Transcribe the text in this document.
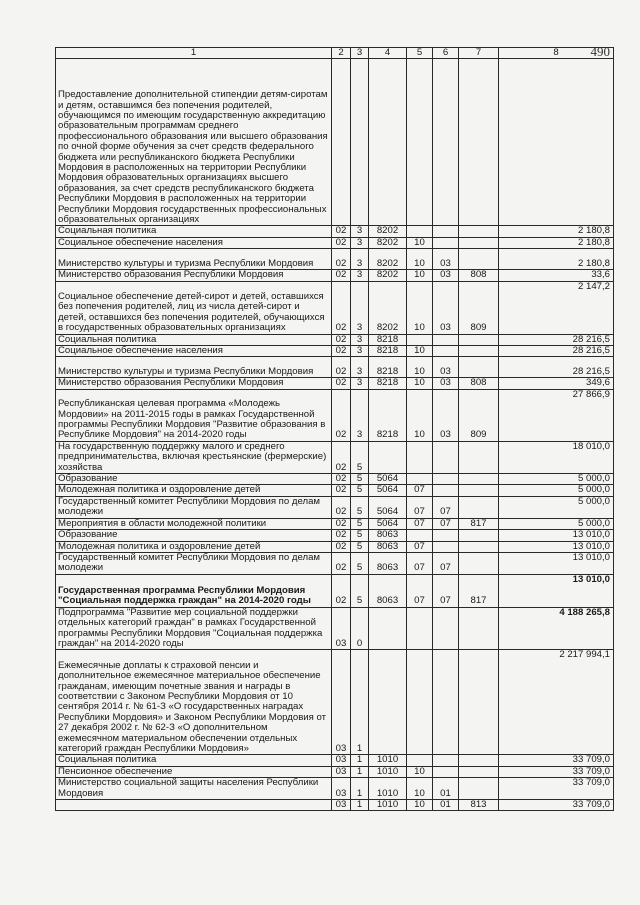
490
1	2	3	4	5	6	7	8
Предоставление дополнительной стипендии детям-сиротам и детям, оставшимся без попечения родителей, обучающимся по имеющим государственную аккредитацию образовательным программам среднего профессионального образования или высшего образования по очной форме обучения за счет средств федерального бюджета или республиканского бюджета Республики Мордовия в расположенных на территории Республики Мордовия образовательных организациях высшего образования, за счет средств республиканского бюджета Республики Мордовия в расположенных на территории Республики Мордовия государственных профессиональных образовательных организациях							
Социальная политика	02	3	8202				2 180,8
Социальное обеспечение населения	02	3	8202	10			2 180,8
Министерство культуры и туризма Республики Мордовия	02	3	8202	10	03		2 180,8
Министерство образования Республики Мордовия	02	3	8202	10	03	808	33,6
Социальное обеспечение детей-сирот и детей, оставшихся без попечения родителей, лиц из числа детей-сирот и детей, оставшихся без попечения родителей, обучающихся в государственных образовательных организациях	02	3	8202	10	03	809	2 147,2
Социальная политика	02	3	8218				28 216,5
Социальное обеспечение населения	02	3	8218	10			28 216,5
Министерство культуры и туризма Республики Мордовия	02	3	8218	10	03		28 216,5
Министерство образования Республики Мордовия	02	3	8218	10	03	808	349,6
Республиканская целевая программа «Молодежь Мордовии» на 2011-2015 годы в рамках Государственной программы Республики Мордовия "Развитие образования в Республике Мордовия" на 2014-2020 годы	02	3	8218	10	03	809	27 866,9
На государственную поддержку малого и среднего предпринимательства, включая крестьянские (фермерские) хозяйства	02	5					18 010,0
Образование	02	5	5064				5 000,0
Молодежная политика и оздоровление детей	02	5	5064	07			5 000,0
Государственный комитет Республики Мордовия по делам молодежи	02	5	5064	07	07		5 000,0
Мероприятия в области молодежной политики	02	5	5064	07	07	817	5 000,0
Образование	02	5	8063				13 010,0
Молодежная политика и оздоровление детей	02	5	8063	07			13 010,0
Государственный комитет Республики Мордовия по делам молодежи	02	5	8063	07	07		13 010,0
Государственная программа Республики Мордовия "Социальная поддержка граждан" на 2014-2020 годы	02	5	8063	07	07	817	13 010,0
Подпрограмма "Развитие мер социальной поддержки отдельных категорий граждан" в рамках Государственной программы Республики Мордовия "Социальная поддержка граждан" на 2014-2020 годы	03	0					4 188 265,8
Ежемесячные доплаты к страховой пенсии и дополнительное ежемесячное материальное обеспечение гражданам, имеющим почетные звания и награды в соответствии с Законом Республики Мордовия от 10 сентября 2014 г. № 61-З «О государственных наградах Республики Мордовия» и Законом Республики Мордовия от 27 декабря 2002 г. № 62-З «О дополнительном ежемесячном материальном обеспечении отдельных категорий граждан Республики Мордовия»	03	1					2 217 994,1
Социальная политика	03	1	1010				33 709,0
Пенсионное обеспечение	03	1	1010	10			33 709,0
Министерство социальной защиты населения Республики Мордовия	03	1	1010	10	01		33 709,0
	03	1	1010	10	01	813	33 709,0
